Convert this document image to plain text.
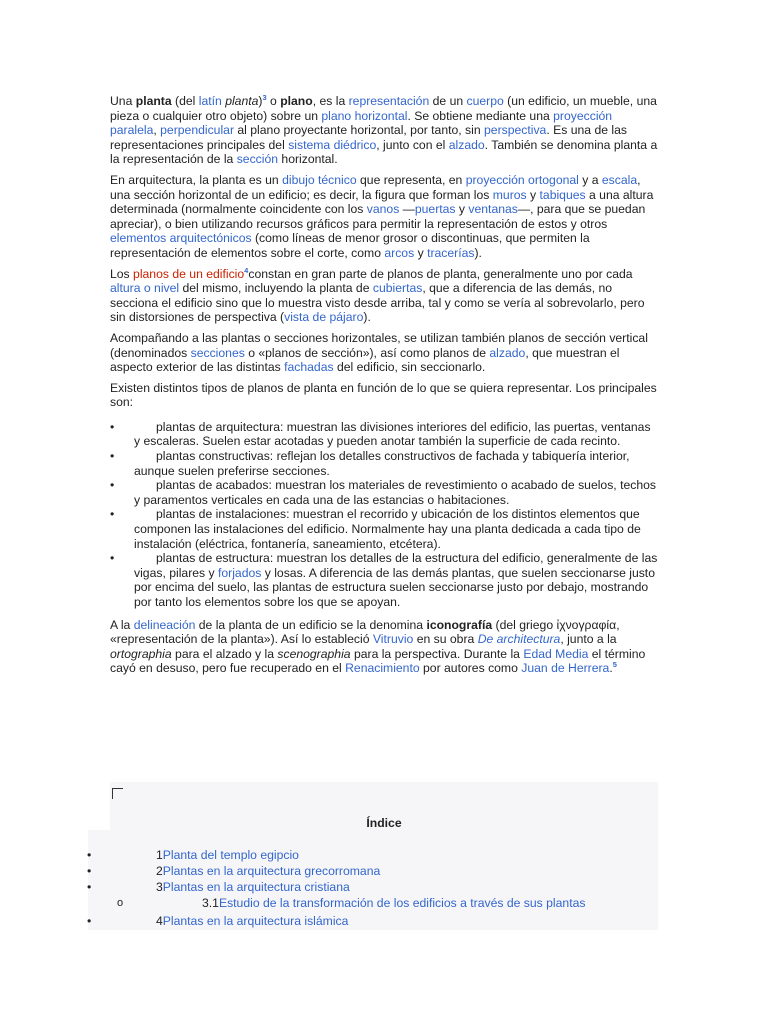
Una planta (del latín planta)$^3$ o plano, es la representación de un cuerpo (un edificio, un mueble, una pieza o cualquier otro objeto) sobre un plano horizontal. Se obtiene mediante una proyección paralela, perpendicular al plano proyectante horizontal, por tanto, sin perspectiva. Es una de las representaciones principales del sistema diédrico, junto con el alzado. También se denomina planta a la representación de la sección horizontal.

En arquitectura, la planta es un dibujo técnico que representa, en proyección ortogonal y a escala, una sección horizontal de un edificio; es decir, la figura que forman los muros y tabiques a una altura determinada (normalmente coincidente con los vanos —puertas y ventanas—, para que se puedan apreciar), o bien utilizando recursos gráficos para permitir la representación de estos y otros elementos arquitectónicos (como líneas de menor grosor o discontinuas, que permiten la representación de elementos sobre el corte, como arcos y tracerías).

Los planos de un edificio$^4$constan en gran parte de planos de planta, generalmente uno por cada altura o nivel del mismo, incluyendo la planta de cubiertas, que a diferencia de las demás, no secciona el edificio sino que lo muestra visto desde arriba, tal y como se vería al sobrevolarlo, pero sin distorsiones de perspectiva (vista de pájaro).

Acompañando a las plantas o secciones horizontales, se utilizan también planos de sección vertical (denominados secciones o «planos de sección»), así como planos de alzado, que muestran el aspecto exterior de las distintas fachadas del edificio, sin seccionarlo.

Existen distintos tipos de planos de planta en función de lo que se quiera representar. Los principales son:

•	plantas de arquitectura: muestran las divisiones interiores del edificio, las puertas, ventanas y escaleras. Suelen estar acotadas y pueden anotar también la superficie de cada recinto.
•	plantas constructivas: reflejan los detalles constructivos de fachada y tabiquería interior, aunque suelen preferirse secciones.
•	plantas de acabados: muestran los materiales de revestimiento o acabado de suelos, techos y paramentos verticales en cada una de las estancias o habitaciones.
•	plantas de instalaciones: muestran el recorrido y ubicación de los distintos elementos que componen las instalaciones del edificio. Normalmente hay una planta dedicada a cada tipo de instalación (eléctrica, fontanería, saneamiento, etcétera).
•	plantas de estructura: muestran los detalles de la estructura del edificio, generalmente de las vigas, pilares y forjados y losas. A diferencia de las demás plantas, que suelen seccionarse justo por encima del suelo, las plantas de estructura suelen seccionarse justo por debajo, mostrando por tanto los elementos sobre los que se apoyan.

A la delineación de la planta de un edificio se la denomina iconografía (del griego ἰχνογραφία, «representación de la planta»). Así lo estableció Vitruvio en su obra De architectura, junto a la ortographia para el alzado y la scenographia para la perspectiva. Durante la Edad Media el término cayó en desuso, pero fue recuperado en el Renacimiento por autores como Juan de Herrera.$^5$

Índice
•	1Planta del templo egipcio
•	2Plantas en la arquitectura grecorromana
•	3Plantas en la arquitectura cristiana
o	3.1Estudio de la transformación de los edificios a través de sus plantas
•	4Plantas en la arquitectura islámica
